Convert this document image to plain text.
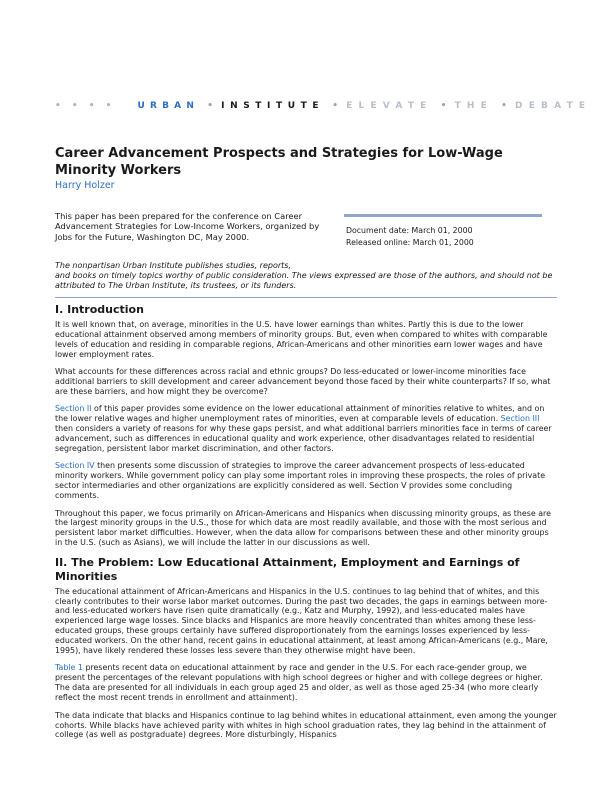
• • • • URBAN • INSTITUTE • ELEVATE • THE • DEBATE
Career Advancement Prospects and Strategies for Low-Wage Minority Workers
Harry Holzer
This paper has been prepared for the conference on Career Advancement Strategies for Low-Income Workers, organized by Jobs for the Future, Washington DC, May 2000.
Document date: March 01, 2000
Released online: March 01, 2000
The nonpartisan Urban Institute publishes studies, reports,
and books on timely topics worthy of public consideration. The views expressed are those of the authors, and should not be attributed to The Urban Institute, its trustees, or its funders.
I. Introduction

It is well known that, on average, minorities in the U.S. have lower earnings than whites. Partly this is due to the lower educational attainment observed among members of minority groups. But, even when compared to whites with comparable levels of education and residing in comparable regions, African-Americans and other minorities earn lower wages and have lower employment rates.

What accounts for these differences across racial and ethnic groups? Do less-educated or lower-income minorities face additional barriers to skill development and career advancement beyond those faced by their white counterparts? If so, what are these barriers, and how might they be overcome?

Section II of this paper provides some evidence on the lower educational attainment of minorities relative to whites, and on the lower relative wages and higher unemployment rates of minorities, even at comparable levels of education. Section III then considers a variety of reasons for why these gaps persist, and what additional barriers minorities face in terms of career advancement, such as differences in educational quality and work experience, other disadvantages related to residential segregation, persistent labor market discrimination, and other factors.

Section IV then presents some discussion of strategies to improve the career advancement prospects of less-educated minority workers. While government policy can play some important roles in improving these prospects, the roles of private sector intermediaries and other organizations are explicitly considered as well. Section V provides some concluding comments.

Throughout this paper, we focus primarily on African-Americans and Hispanics when discussing minority groups, as these are the largest minority groups in the U.S., those for which data are most readily available, and those with the most serious and persistent labor market difficulties. However, when the data allow for comparisons between these and other minority groups in the U.S. (such as Asians), we will include the latter in our discussions as well.

II. The Problem: Low Educational Attainment, Employment and Earnings of Minorities

The educational attainment of African-Americans and Hispanics in the U.S. continues to lag behind that of whites, and this clearly contributes to their worse labor market outcomes. During the past two decades, the gaps in earnings between more- and less-educated workers have risen quite dramatically (e.g., Katz and Murphy, 1992), and less-educated males have experienced large wage losses. Since blacks and Hispanics are more heavily concentrated than whites among these less-educated groups, these groups certainly have suffered disproportionately from the earnings losses experienced by less-educated workers. On the other hand, recent gains in educational attainment, at least among African-Americans (e.g., Mare, 1995), have likely rendered these losses less severe than they otherwise might have been.

Table 1 presents recent data on educational attainment by race and gender in the U.S. For each race-gender group, we present the percentages of the relevant populations with high school degrees or higher and with college degrees or higher. The data are presented for all individuals in each group aged 25 and older, as well as those aged 25-34 (who more clearly reflect the most recent trends in enrollment and attainment).

The data indicate that blacks and Hispanics continue to lag behind whites in educational attainment, even among the younger cohorts. While blacks have achieved parity with whites in high school graduation rates, they lag behind in the attainment of college (as well as postgraduate) degrees. More disturbingly, Hispanics
